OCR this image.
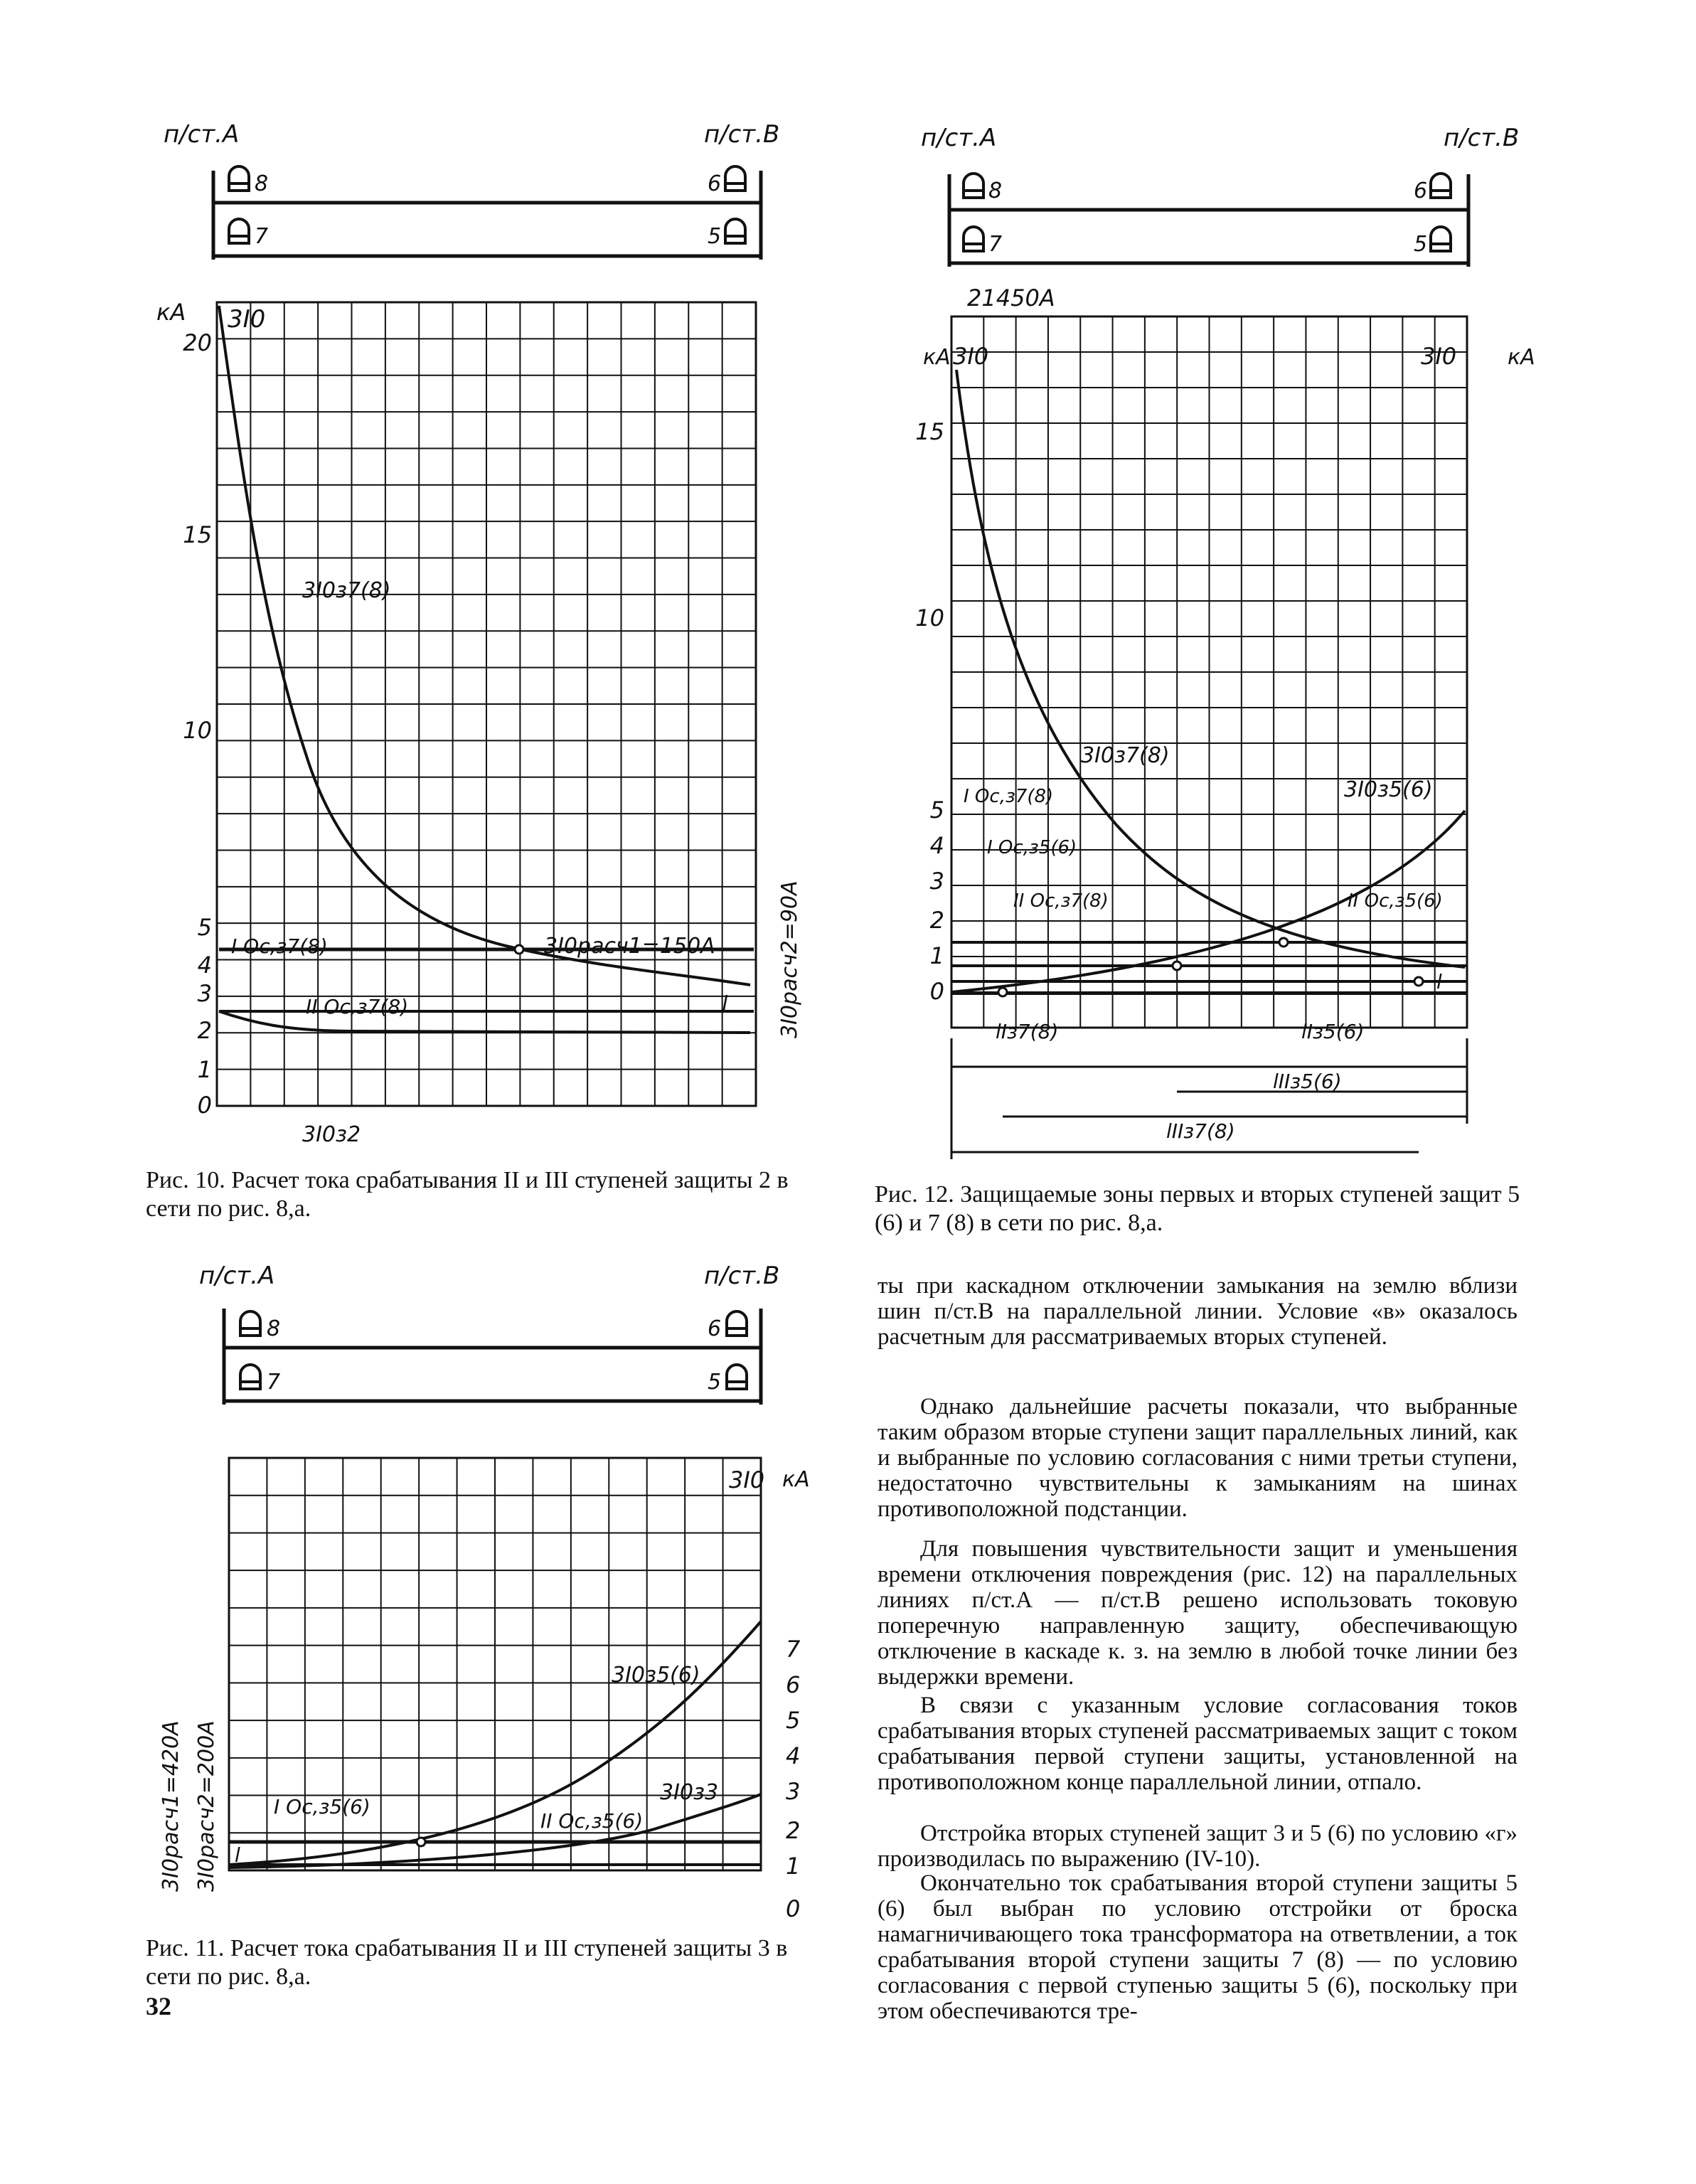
п/ст.А	п/ст.В
8
7
6
5
20
15
10
5
4
3
2
1
0
кА 3I0
3I0з7(8)
I Ос,з7(8)
II Ос,з7(8)
3I0расч1=150А
3I0з2
l 3I0расч2=90А
Рис. 10. Расчет тока срабатывания II и III ступеней защиты 2 в сети по рис. 8,а.
п/ст.А	п/ст.В
8
7
6
5
15
10
5
4
3
2
1
0
кА	кА
21450А
3I0	3I0
3I0з7(8)
3I0з5(6)
I Ос,з7(8)
I Ос,з5(6)
II Ос,з7(8)	II Ос,з5(6)
l
lIз7(8)	lIз5(6)
lIIз5(6)
lIIз7(8)
Рис. 12. Защищаемые зоны первых и вторых ступеней защит 5 (6) и 7 (8) в сети по рис. 8,а.
п/ст.А	п/ст.В
8
7
6
5
7
6
5
4
3
2
1
0
кА
3I0
3I0з5(6)
3I0з3
I Ос,з5(6)
II Ос,з5(6)
l
3I0расч1=420А 3I0расч2=200А
Рис. 11. Расчет тока срабатывания II и III ступеней защиты 3 в сети по рис. 8,а.
ты при каскадном отключении замыкания на землю вблизи шин п/ст.В на параллельной линии. Условие «в» оказалось расчетным для рассматриваемых вторых ступеней.
Однако дальнейшие расчеты показали, что выбранные таким образом вторые ступени защит параллельных линий, как и выбранные по условию согласования с ними третьи ступени, недостаточно чувствительны к замыканиям на шинах противоположной подстанции.
Для повышения чувствительности защит и уменьшения времени отключения повреждения (рис. 12) на параллельных линиях п/ст.А — п/ст.В решено использовать токовую поперечную направленную защиту, обеспечивающую отключение в каскаде к. з. на землю в любой точке линии без выдержки времени.
В связи с указанным условие согласования токов срабатывания вторых ступеней рассматриваемых защит с током срабатывания первой ступени защиты, установленной на противоположном конце параллельной линии, отпало.
Отстройка вторых ступеней защит 3 и 5 (6) по условию «г» производилась по выражению (IV-10).
Окончательно ток срабатывания второй ступени защиты 5 (6) был выбран по условию отстройки от броска намагничивающего тока трансформатора на ответвлении, а ток срабатывания второй ступени защиты 7 (8) — по условию согласования с первой ступенью защиты 5 (6), поскольку при этом обеспечиваются тре-
32
